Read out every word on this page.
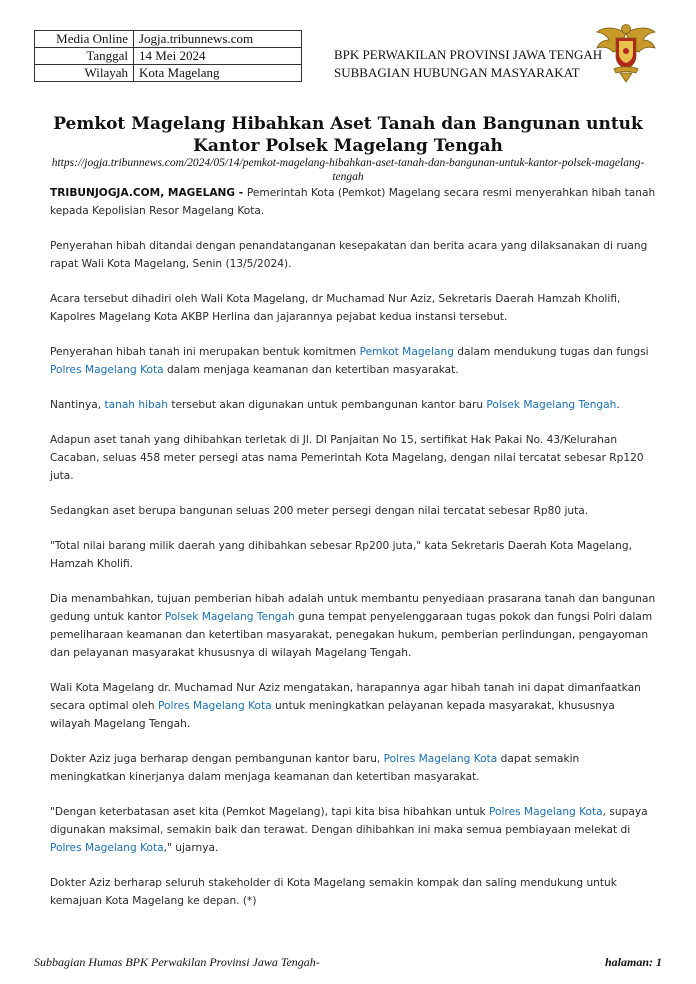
Media Online	Jogja.tribunnews.com
Tanggal	14 Mei 2024
Wilayah	Kota Magelang
BPK PERWAKILAN PROVINSI JAWA TENGAH
SUBBAGIAN HUBUNGAN MASYARAKAT
Pemkot Magelang Hibahkan Aset Tanah dan Bangunan untuk Kantor Polsek Magelang Tengah

https://jogja.tribunnews.com/2024/05/14/pemkot-magelang-hibahkan-aset-tanah-dan-bangunan-untuk-kantor-polsek-magelang-tengah

TRIBUNJOGJA.COM, MAGELANG - Pemerintah Kota (Pemkot) Magelang secara resmi menyerahkan hibah tanah kepada Kepolisian Resor Magelang Kota.

Penyerahan hibah ditandai dengan penandatanganan kesepakatan dan berita acara yang dilaksanakan di ruang rapat Wali Kota Magelang, Senin (13/5/2024).

Acara tersebut dihadiri oleh Wali Kota Magelang, dr Muchamad Nur Aziz, Sekretaris Daerah Hamzah Kholifi, Kapolres Magelang Kota AKBP Herlina dan jajarannya pejabat kedua instansi tersebut.

Penyerahan hibah tanah ini merupakan bentuk komitmen Pemkot Magelang dalam mendukung tugas dan fungsi Polres Magelang Kota dalam menjaga keamanan dan ketertiban masyarakat.

Nantinya, tanah hibah tersebut akan digunakan untuk pembangunan kantor baru Polsek Magelang Tengah.

Adapun aset tanah yang dihibahkan terletak di Jl. DI Panjaitan No 15, sertifikat Hak Pakai No. 43/Kelurahan Cacaban, seluas 458 meter persegi atas nama Pemerintah Kota Magelang, dengan nilai tercatat sebesar Rp120 juta.

Sedangkan aset berupa bangunan seluas 200 meter persegi dengan nilai tercatat sebesar Rp80 juta.

"Total nilai barang milik daerah yang dihibahkan sebesar Rp200 juta," kata Sekretaris Daerah Kota Magelang, Hamzah Kholifi.

Dia menambahkan, tujuan pemberian hibah adalah untuk membantu penyediaan prasarana tanah dan bangunan gedung untuk kantor Polsek Magelang Tengah guna tempat penyelenggaraan tugas pokok dan fungsi Polri dalam pemeliharaan keamanan dan ketertiban masyarakat, penegakan hukum, pemberian perlindungan, pengayoman dan pelayanan masyarakat khususnya di wilayah Magelang Tengah.

Wali Kota Magelang dr. Muchamad Nur Aziz mengatakan, harapannya agar hibah tanah ini dapat dimanfaatkan secara optimal oleh Polres Magelang Kota untuk meningkatkan pelayanan kepada masyarakat, khususnya wilayah Magelang Tengah.

Dokter Aziz juga berharap dengan pembangunan kantor baru, Polres Magelang Kota dapat semakin meningkatkan kinerjanya dalam menjaga keamanan dan ketertiban masyarakat.

"Dengan keterbatasan aset kita (Pemkot Magelang), tapi kita bisa hibahkan untuk Polres Magelang Kota, supaya digunakan maksimal, semakin baik dan terawat. Dengan dihibahkan ini maka semua pembiayaan melekat di Polres Magelang Kota," ujarnya.

Dokter Aziz berharap seluruh stakeholder di Kota Magelang semakin kompak dan saling mendukung untuk kemajuan Kota Magelang ke depan. (*)

Subbagian Humas BPK Perwakilan Provinsi Jawa Tengah-	halaman: 1
